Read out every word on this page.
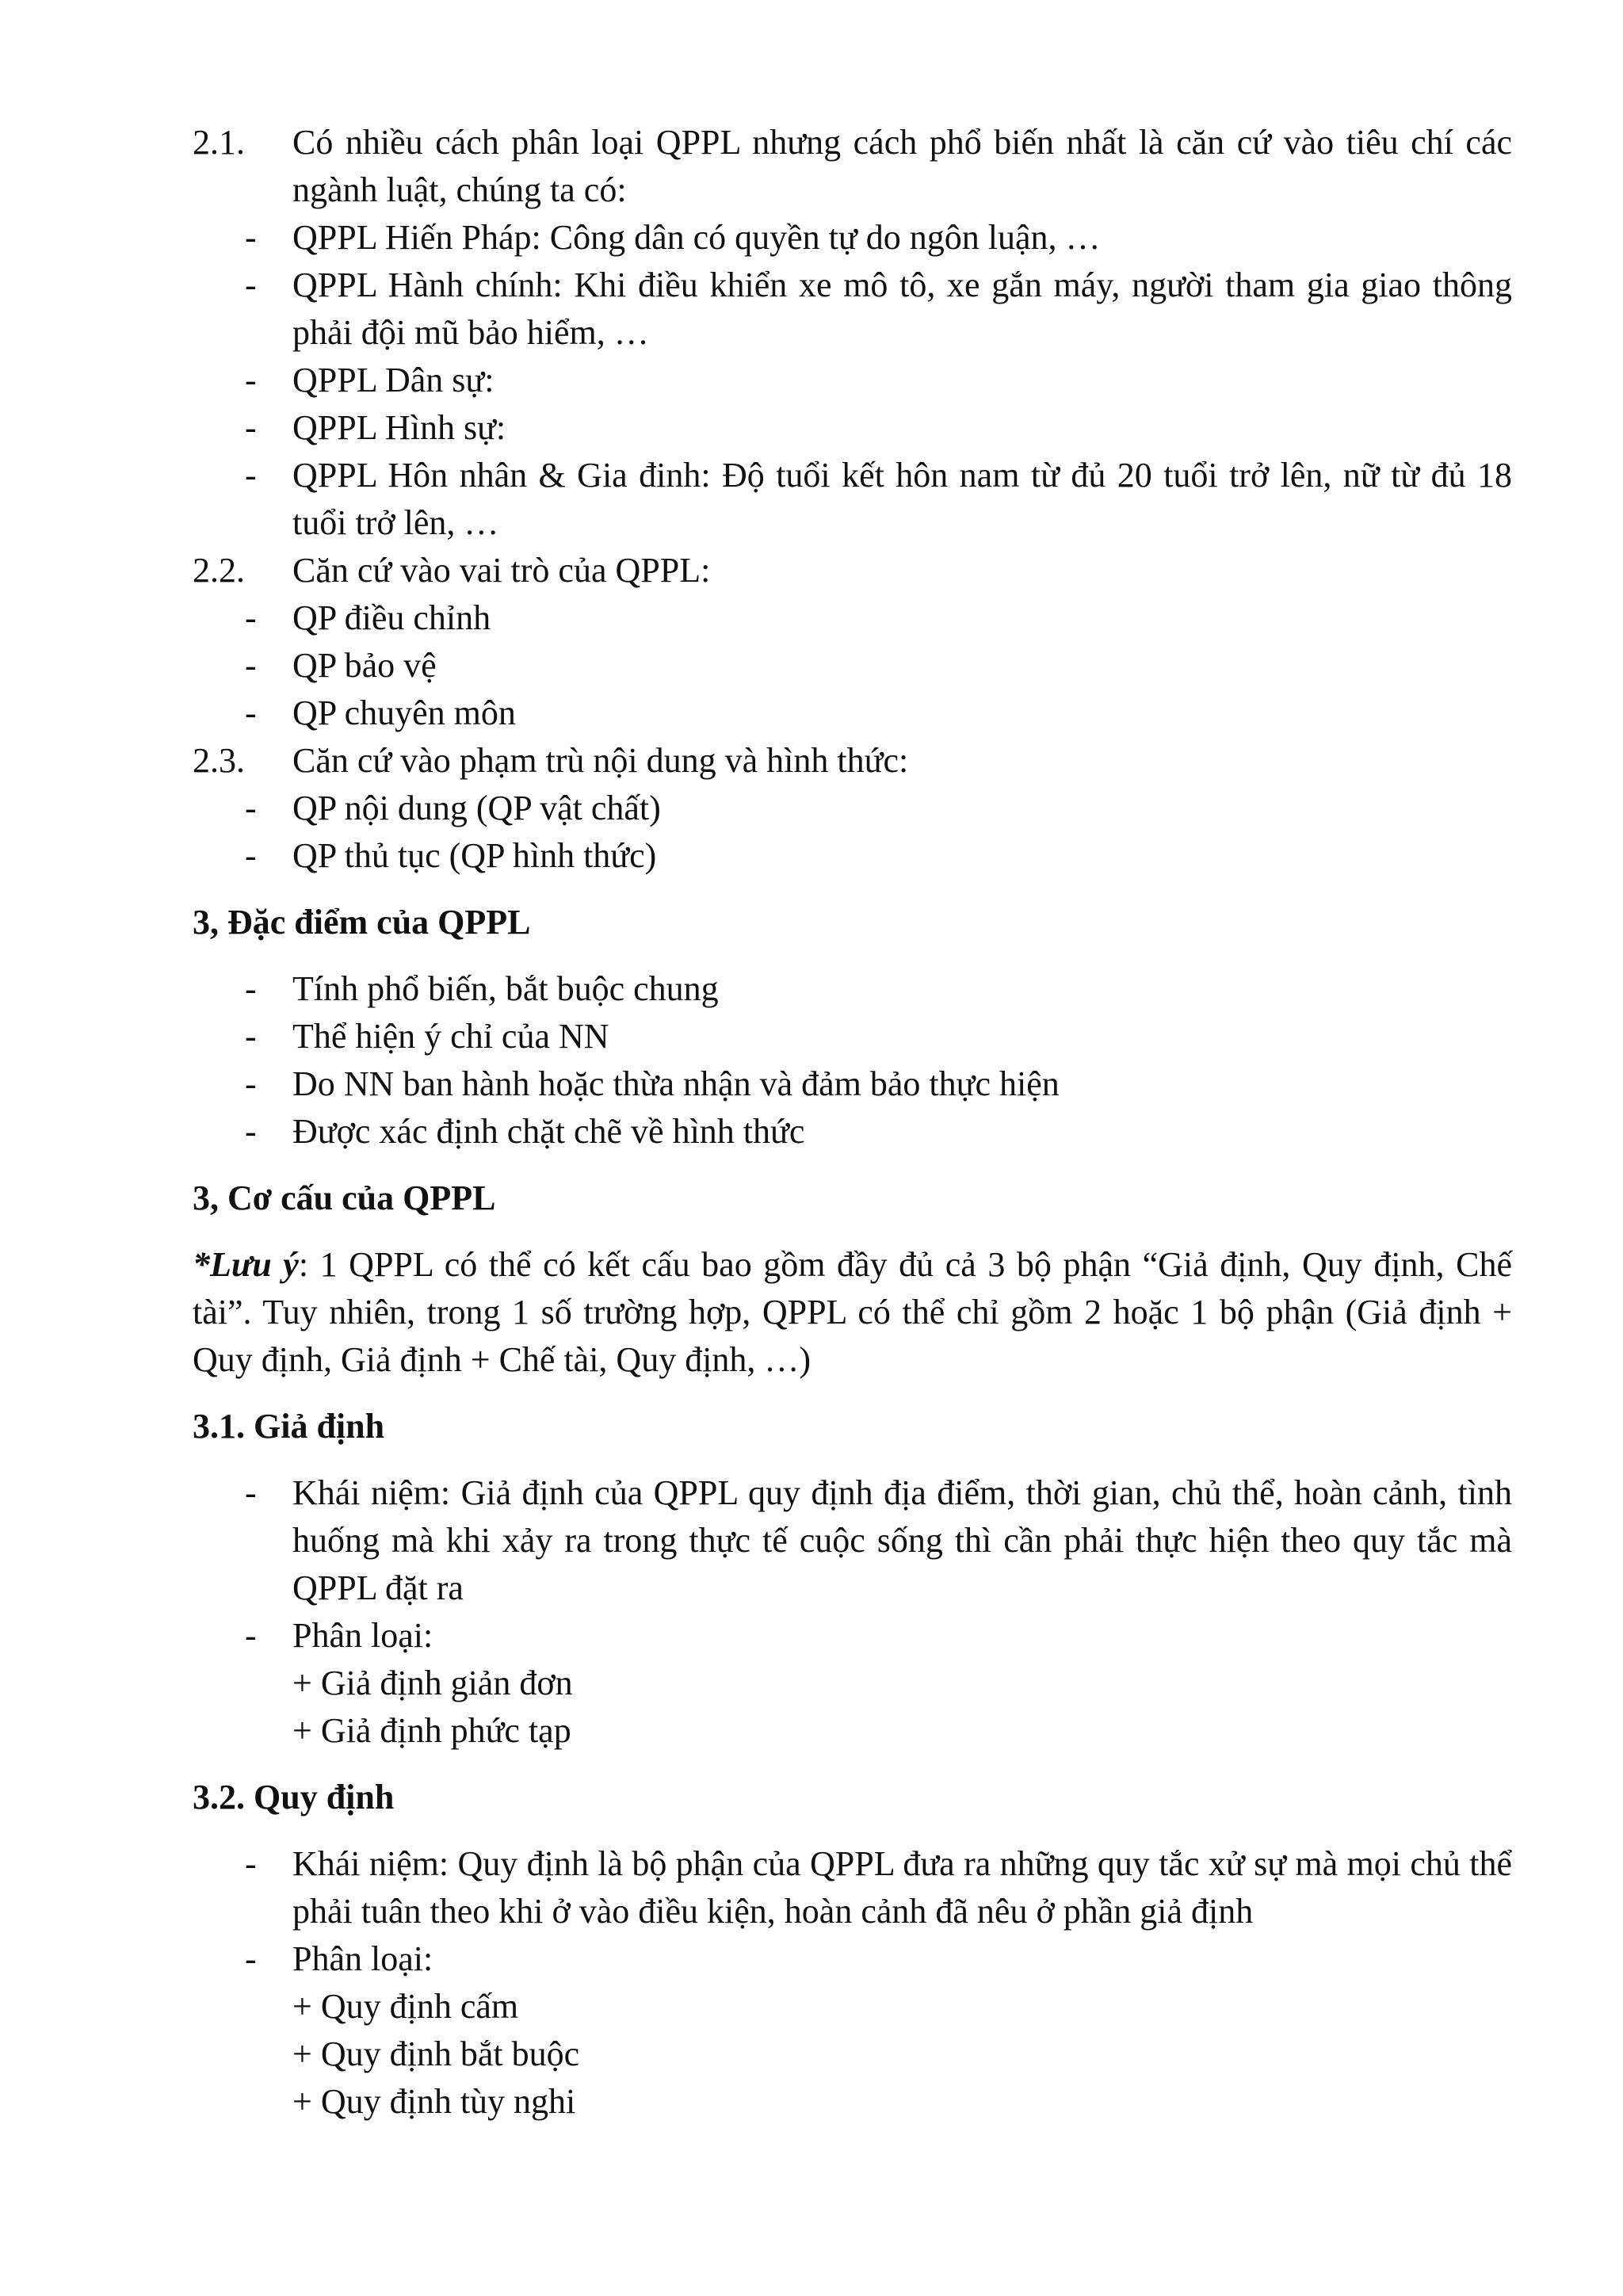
2.1. Có nhiều cách phân loại QPPL nhưng cách phổ biến nhất là căn cứ vào tiêu chí các ngành luật, chúng ta có:
- QPPL Hiến Pháp: Công dân có quyền tự do ngôn luận, …
- QPPL Hành chính: Khi điều khiển xe mô tô, xe gắn máy, người tham gia giao thông phải đội mũ bảo hiểm, …
- QPPL Dân sự:
- QPPL Hình sự:
- QPPL Hôn nhân & Gia đinh: Độ tuổi kết hôn nam từ đủ 20 tuổi trở lên, nữ từ đủ 18 tuổi trở lên, …
2.2. Căn cứ vào vai trò của QPPL:
- QP điều chỉnh
- QP bảo vệ
- QP chuyên môn
2.3. Căn cứ vào phạm trù nội dung và hình thức:
- QP nội dung (QP vật chất)
- QP thủ tục (QP hình thức)
3, Đặc điểm của QPPL
- Tính phổ biến, bắt buộc chung
- Thể hiện ý chỉ của NN
- Do NN ban hành hoặc thừa nhận và đảm bảo thực hiện
- Được xác định chặt chẽ về hình thức
3, Cơ cấu của QPPL
*Lưu ý: 1 QPPL có thể có kết cấu bao gồm đầy đủ cả 3 bộ phận “Giả định, Quy định, Chế tài”. Tuy nhiên, trong 1 số trường hợp, QPPL có thể chỉ gồm 2 hoặc 1 bộ phận (Giả định + Quy định, Giả định + Chế tài, Quy định, …)
3.1. Giả định
- Khái niệm: Giả định của QPPL quy định địa điểm, thời gian, chủ thể, hoàn cảnh, tình huống mà khi xảy ra trong thực tế cuộc sống thì cần phải thực hiện theo quy tắc mà QPPL đặt ra
- Phân loại:
+ Giả định giản đơn
+ Giả định phức tạp
3.2. Quy định
- Khái niệm: Quy định là bộ phận của QPPL đưa ra những quy tắc xử sự mà mọi chủ thể phải tuân theo khi ở vào điều kiện, hoàn cảnh đã nêu ở phần giả định
- Phân loại:
+ Quy định cấm
+ Quy định bắt buộc
+ Quy định tùy nghi
